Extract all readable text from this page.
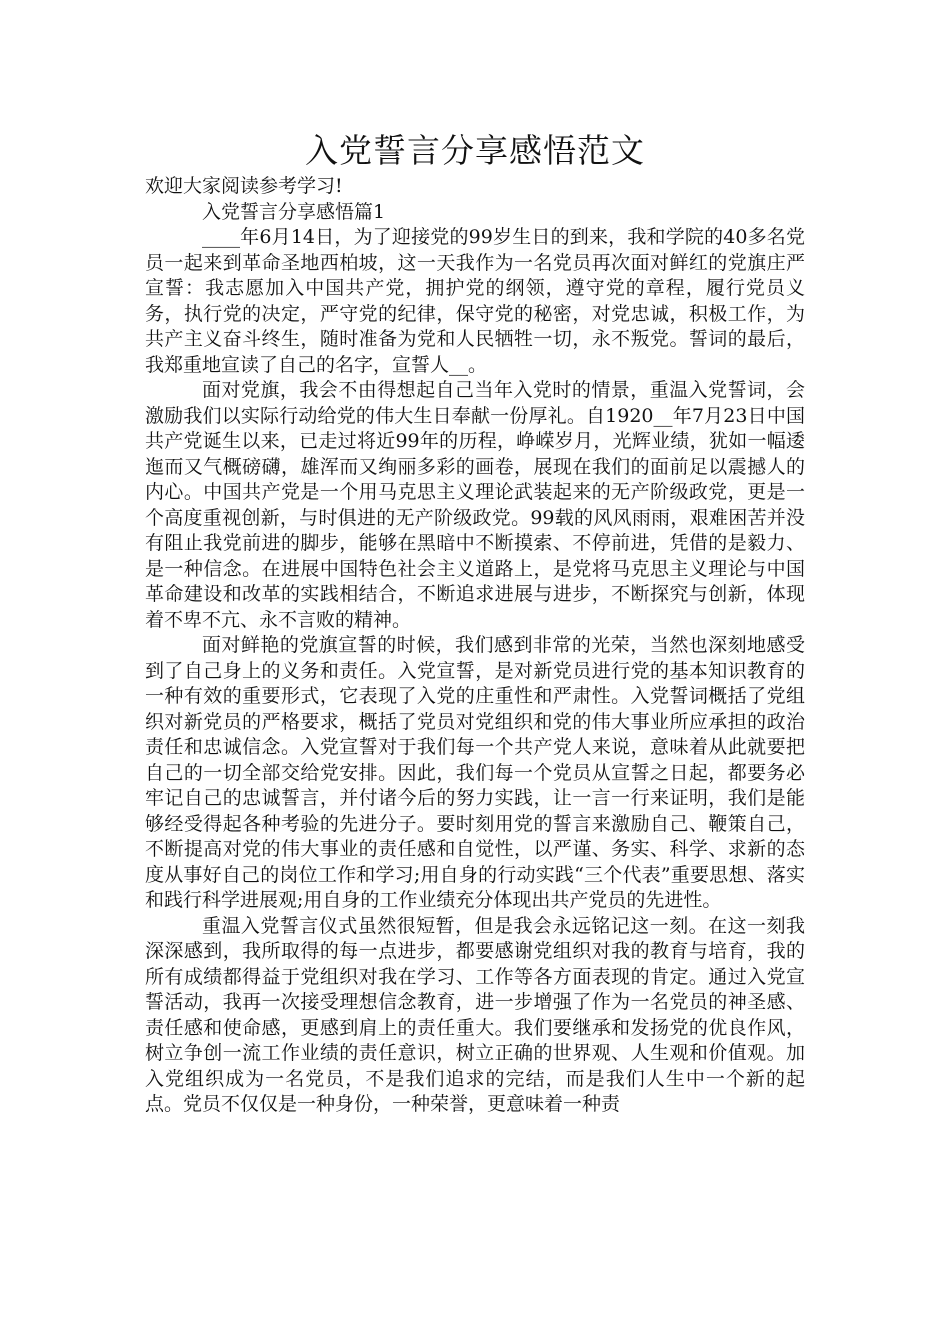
入党誓言分享感悟范文

欢迎大家阅读参考学习!

入党誓言分享感悟篇1

____年6月14日，为了迎接党的99岁生日的到来，我和学院的40多名党员一起来到革命圣地西柏坡，这一天我作为一名党员再次面对鲜红的党旗庄严宣誓：我志愿加入中国共产党，拥护党的纲领，遵守党的章程，履行党员义务，执行党的决定，严守党的纪律，保守党的秘密，对党忠诚，积极工作，为共产主义奋斗终生，随时准备为党和人民牺牲一切，永不叛党。誓词的最后，我郑重地宣读了自己的名字，宣誓人__。

面对党旗，我会不由得想起自己当年入党时的情景，重温入党誓词，会激励我们以实际行动给党的伟大生日奉献一份厚礼。自1920__年7月23日中国共产党诞生以来，已走过将近99年的历程，峥嵘岁月，光辉业绩，犹如一幅逶迤而又气概磅礴，雄浑而又绚丽多彩的画卷，展现在我们的面前足以震撼人的内心。中国共产党是一个用马克思主义理论武装起来的无产阶级政党，更是一个高度重视创新，与时俱进的无产阶级政党。99载的风风雨雨，艰难困苦并没有阻止我党前进的脚步，能够在黑暗中不断摸索、不停前进，凭借的是毅力、是一种信念。在进展中国特色社会主义道路上，是党将马克思主义理论与中国革命建设和改革的实践相结合，不断追求进展与进步，不断探究与创新，体现着不卑不亢、永不言败的精神。

面对鲜艳的党旗宣誓的时候，我们感到非常的光荣，当然也深刻地感受到了自己身上的义务和责任。入党宣誓，是对新党员进行党的基本知识教育的一种有效的重要形式，它表现了入党的庄重性和严肃性。入党誓词概括了党组织对新党员的严格要求，概括了党员对党组织和党的伟大事业所应承担的政治责任和忠诚信念。入党宣誓对于我们每一个共产党人来说，意味着从此就要把自己的一切全部交给党安排。因此，我们每一个党员从宣誓之日起，都要务必牢记自己的忠诚誓言，并付诸今后的努力实践，让一言一行来证明，我们是能够经受得起各种考验的先进分子。要时刻用党的誓言来激励自己、鞭策自己，不断提高对党的伟大事业的责任感和自觉性，以严谨、务实、科学、求新的态度从事好自己的岗位工作和学习;用自身的行动实践“三个代表”重要思想、落实和践行科学进展观;用自身的工作业绩充分体现出共产党员的先进性。

重温入党誓言仪式虽然很短暂，但是我会永远铭记这一刻。在这一刻我深深感到，我所取得的每一点进步，都要感谢党组织对我的教育与培育，我的所有成绩都得益于党组织对我在学习、工作等各方面表现的肯定。通过入党宣誓活动，我再一次接受理想信念教育，进一步增强了作为一名党员的神圣感、责任感和使命感，更感到肩上的责任重大。我们要继承和发扬党的优良作风，树立争创一流工作业绩的责任意识，树立正确的世界观、人生观和价值观。加入党组织成为一名党员，不是我们追求的完结，而是我们人生中一个新的起点。党员不仅仅是一种身份，一种荣誉，更意味着一种责
